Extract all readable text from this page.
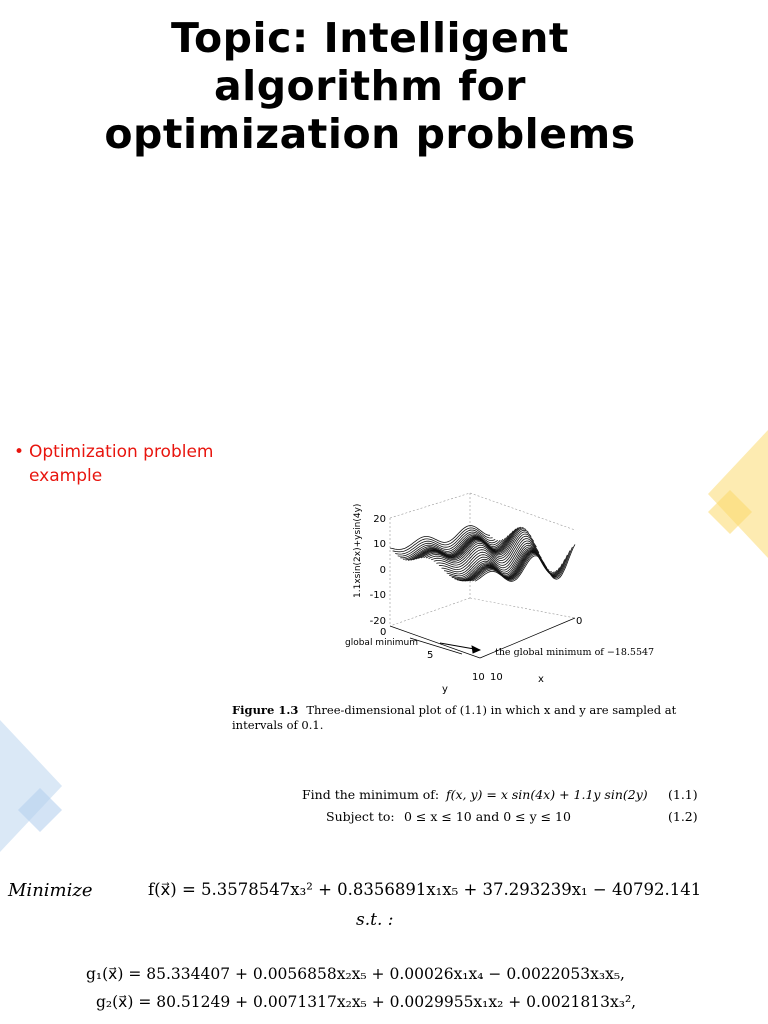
Topic: Intelligent
algorithm for
optimization problems
• Optimization problem
example
1.1xsin(2x)+ysin(4y) 20
10
0
-10
-20
0
5
10 10
0
y
x
global minimum
the global minimum of −18.5547
Figure 1.3 Three-dimensional plot of (1.1) in which x and y are sampled at intervals of 0.1.
Find the minimum of: f(x, y) = x sin(4x) + 1.1y sin(2y) (1.1)
Subject to: 0 ≤ x ≤ 10 and 0 ≤ y ≤ 10	(1.2)
Minimize	f(x⃗) = 5.3578547x₃² + 0.8356891x₁x₅ + 37.293239x₁ − 40792.141
s.t. :
g₁(x⃗) = 85.334407 + 0.0056858x₂x₅ + 0.00026x₁x₄ − 0.0022053x₃x₅,
g₂(x⃗) = 80.51249 + 0.0071317x₂x₅ + 0.0029955x₁x₂ + 0.0021813x₃²,
